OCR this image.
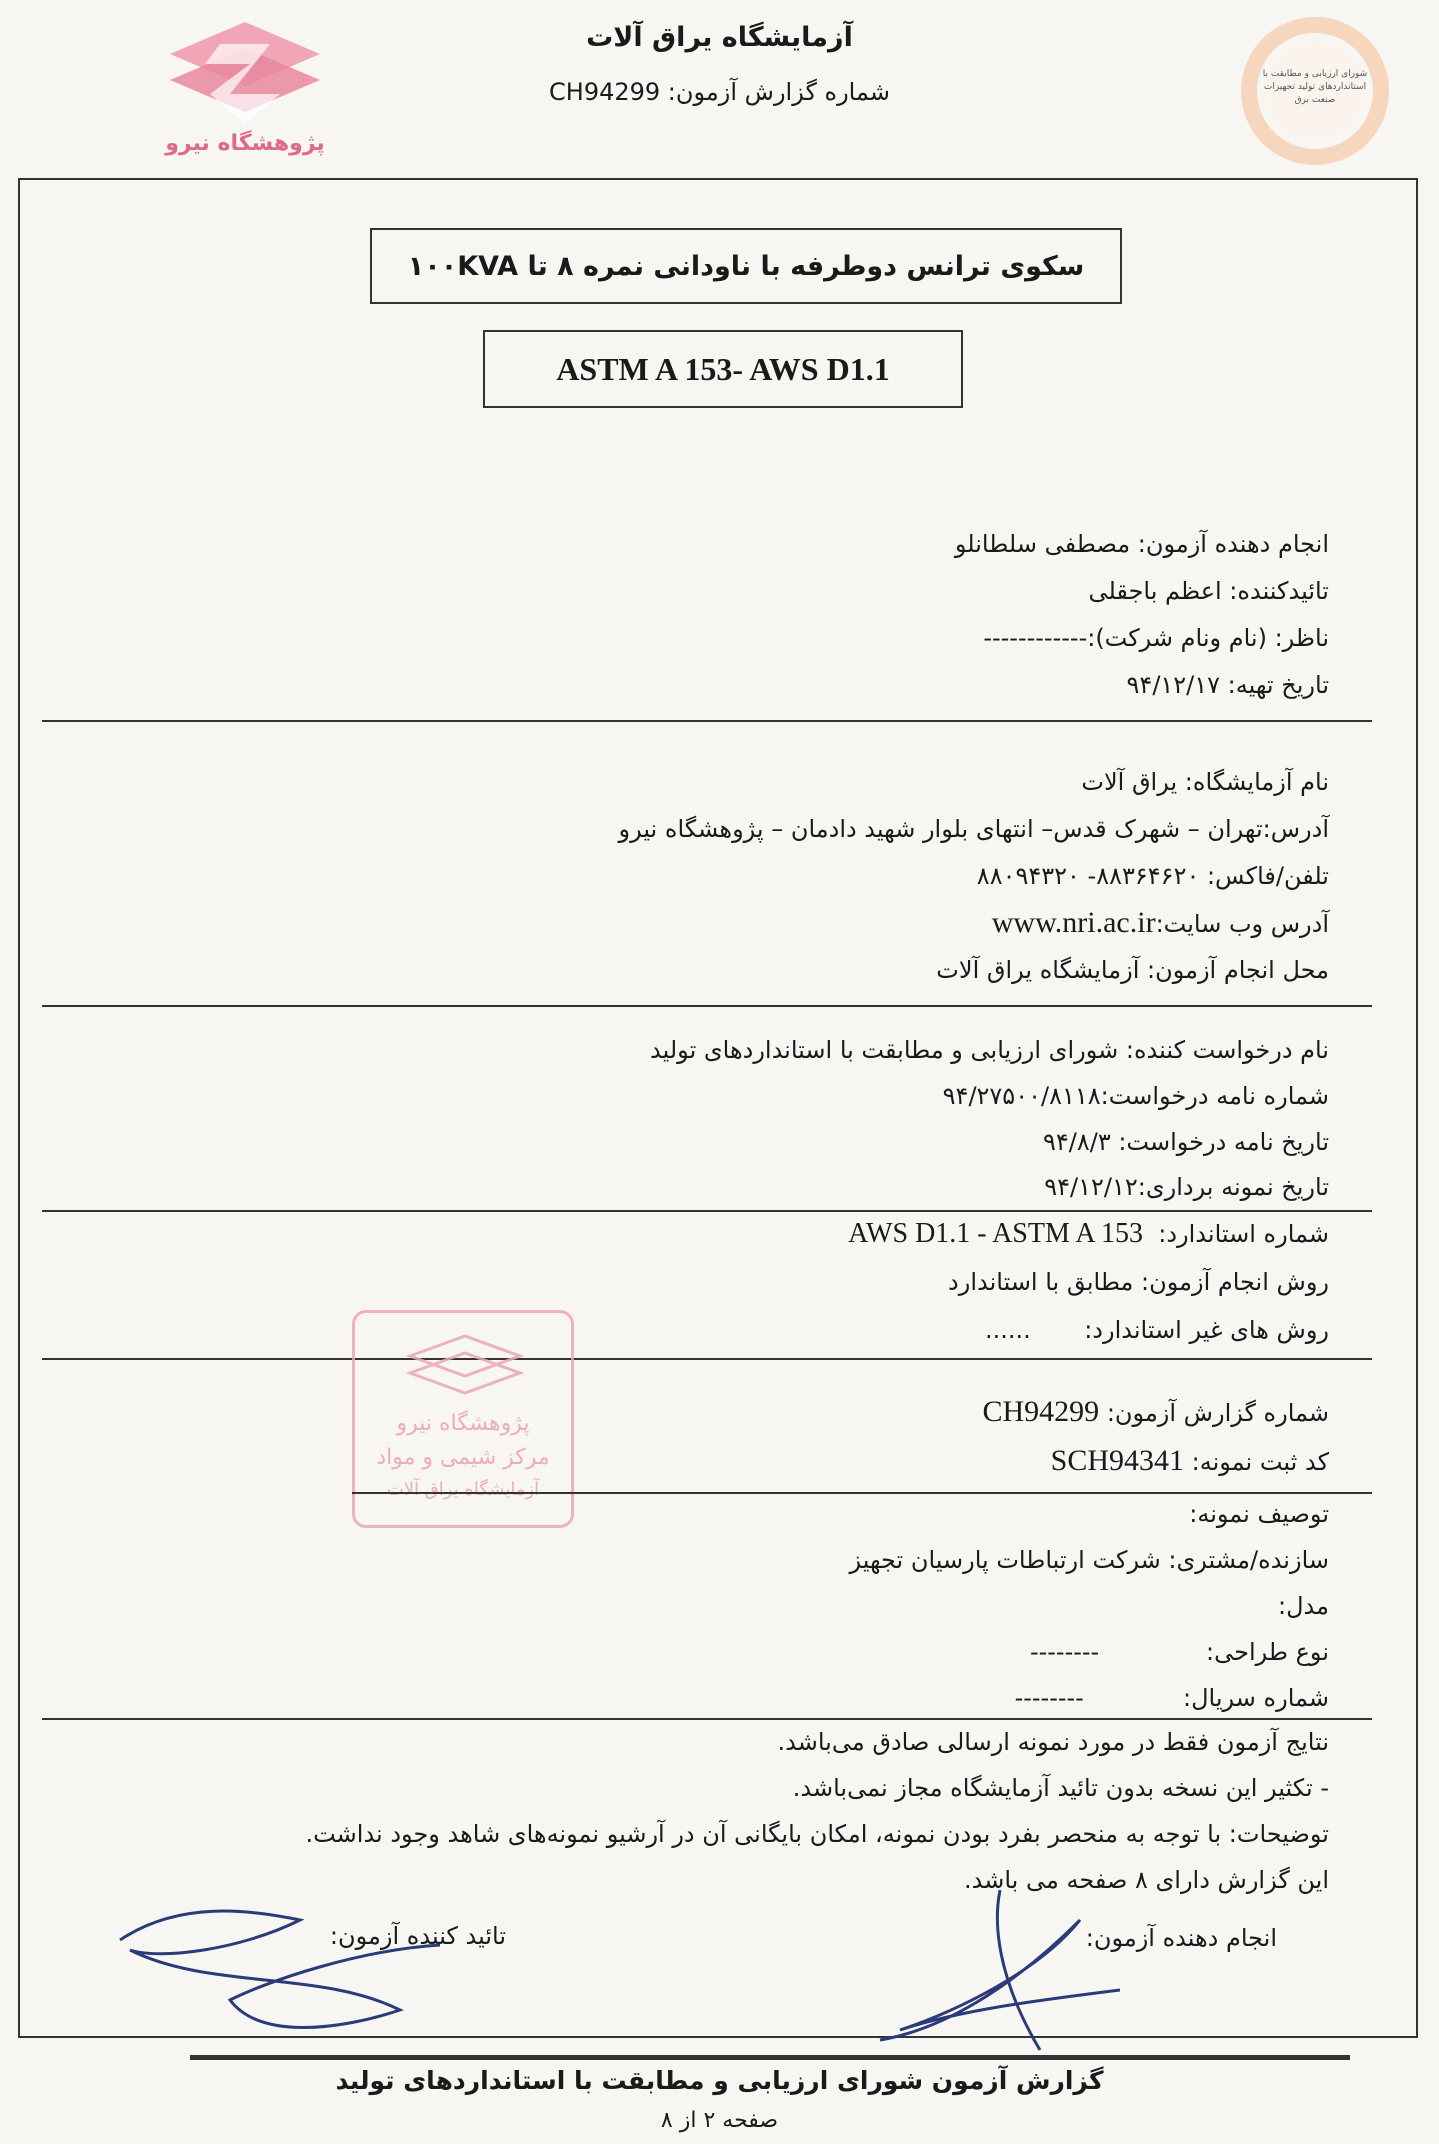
پژوهشگاه نیرو
آزمایشگاه یراق آلات
شماره گزارش آزمون: CH94299
شورای ارزیابی و مطابقت با
استانداردهای تولید تجهیزات
صنعت برق
سکوی ترانس دوطرفه با ناودانی نمره ۸ تا ۱۰۰KVA
ASTM A 153- AWS D1.1
انجام دهنده آزمون: مصطفی سلطانلو
تائیدکننده: اعظم باجقلی
ناظر: (نام ونام شرکت):------------
تاریخ تهیه: ۹۴/۱۲/۱۷
نام آزمایشگاه: یراق آلات
آدرس:تهران – شهرک قدس– انتهای بلوار شهید دادمان – پژوهشگاه نیرو
تلفن/فاکس: ۸۸۳۶۴۶۲۰- ۸۸۰۹۴۳۲۰
آدرس وب سایت:www.nri.ac.ir
محل انجام آزمون: آزمایشگاه یراق آلات
نام درخواست کننده: شورای ارزیابی و مطابقت با استانداردهای تولید
شماره نامه درخواست:۹۴/۲۷۵۰۰/۸۱۱۸
تاریخ نامه درخواست: ۹۴/۸/۳
تاریخ نمونه برداری:۹۴/۱۲/۱۲
شماره استاندارد:  AWS D1.1 - ASTM A 153
روش انجام آزمون: مطابق با استاندارد
روش های غیر استاندارد:       ......
پژوهشگاه نیرو
مرکز شیمی و مواد
آزمایشگاه یراق آلات
شماره گزارش آزمون: CH94299
کد ثبت نمونه: SCH94341
توصیف نمونه:
سازنده/مشتری: شرکت ارتباطات پارسیان تجهیز
مدل:
نوع طراحی:              --------
شماره سریال:             --------
نتایج آزمون فقط در مورد نمونه ارسالی صادق می‌باشد.
- تکثیر این نسخه بدون تائید آزمایشگاه مجاز نمی‌باشد.
توضیحات: با توجه به منحصر بفرد بودن نمونه، امکان بایگانی آن در آرشیو نمونه‌های شاهد وجود نداشت.
این گزارش دارای ۸ صفحه می باشد.
انجام دهنده آزمون:
تائید کننده آزمون:
گزارش آزمون شورای ارزیابی و مطابقت با استانداردهای تولید
صفحه ۲ از ۸
